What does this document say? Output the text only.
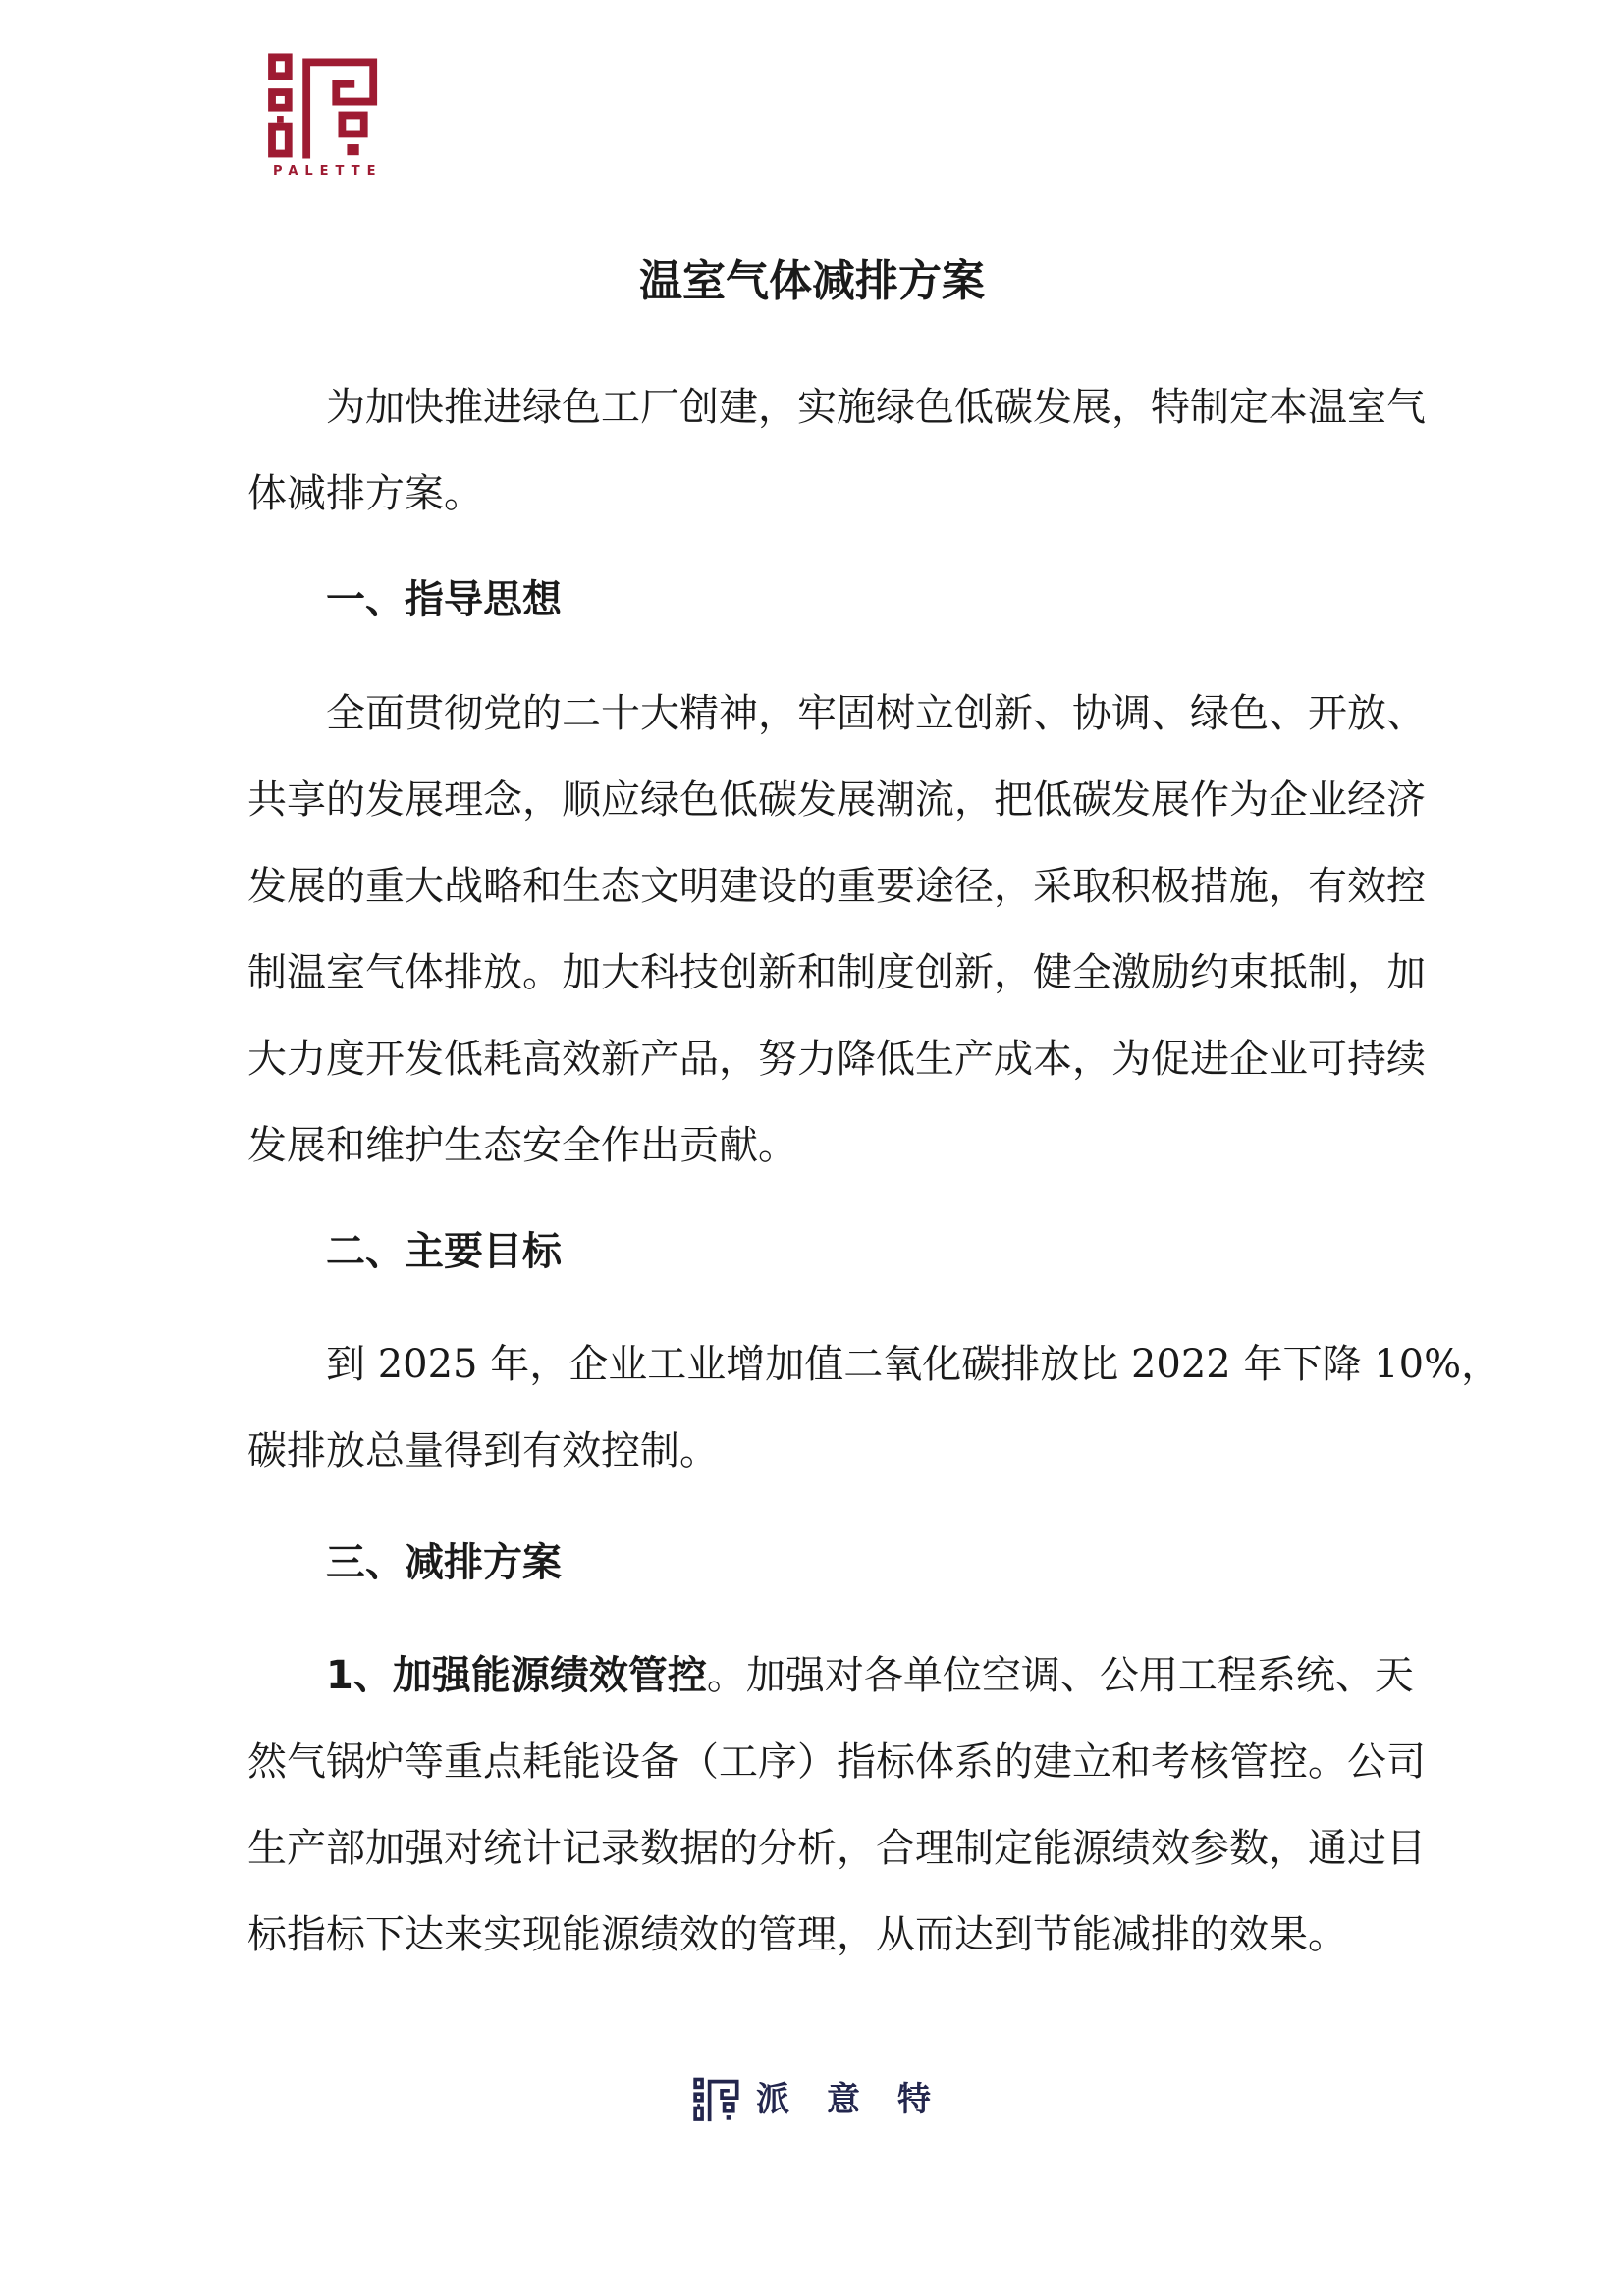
PALETTE
温室气体减排方案
为加快推进绿色工厂创建，实施绿色低碳发展，特制定本温室气
体减排方案。
一、指导思想
全面贯彻党的二十大精神，牢固树立创新、协调、绿色、开放、
共享的发展理念，顺应绿色低碳发展潮流，把低碳发展作为企业经济
发展的重大战略和生态文明建设的重要途径，采取积极措施，有效控
制温室气体排放。加大科技创新和制度创新，健全激励约束抵制，加
大力度开发低耗高效新产品，努力降低生产成本，为促进企业可持续
发展和维护生态安全作出贡献。
二、主要目标
到 2025 年，企业工业增加值二氧化碳排放比 2022 年下降 10%，
碳排放总量得到有效控制。
三、减排方案
1、加强能源绩效管控。加强对各单位空调、公用工程系统、天
然气锅炉等重点耗能设备（工序）指标体系的建立和考核管控。公司
生产部加强对统计记录数据的分析，合理制定能源绩效参数，通过目
标指标下达来实现能源绩效的管理，从而达到节能减排的效果。
派 意 特
